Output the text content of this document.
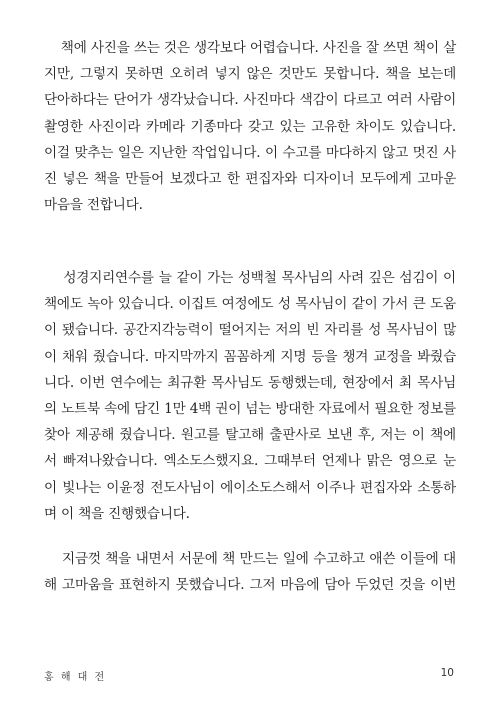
책에 사진을 쓰는 것은 생각보다 어렵습니다. 사진을 잘 쓰면 책이 살
지만, 그렇지 못하면 오히려 넣지 않은 것만도 못합니다. 책을 보는데
단아하다는 단어가 생각났습니다. 사진마다 색감이 다르고 여러 사람이
촬영한 사진이라 카메라 기종마다 갖고 있는 고유한 차이도 있습니다.
이걸 맞추는 일은 지난한 작업입니다. 이 수고를 마다하지 않고 멋진 사
진 넣은 책을 만들어 보겠다고 한 편집자와 디자이너 모두에게 고마운
마음을 전합니다.
성경지리연수를 늘 같이 가는 성백철 목사님의 사려 깊은 섬김이 이
책에도 녹아 있습니다. 이집트 여정에도 성 목사님이 같이 가서 큰 도움
이 됐습니다. 공간지각능력이 떨어지는 저의 빈 자리를 성 목사님이 많
이 채워 줬습니다. 마지막까지 꼼꼼하게 지명 등을 챙겨 교정을 봐줬습
니다. 이번 연수에는 최규환 목사님도 동행했는데, 현장에서 최 목사님
의 노트북 속에 담긴 1만 4백 권이 넘는 방대한 자료에서 필요한 정보를
찾아 제공해 줬습니다. 원고를 탈고해 출판사로 보낸 후, 저는 이 책에
서 빠져나왔습니다. 엑소도스했지요. 그때부터 언제나 맑은 영으로 눈
이 빛나는 이윤정 전도사님이 에이소도스해서 이주나 편집자와 소통하
며 이 책을 진행했습니다.
지금껏 책을 내면서 서문에 책 만드는 일에 수고하고 애쓴 이들에 대
해 고마움을 표현하지 못했습니다. 그저 마음에 담아 두었던 것을 이번
홍 해 대 전	10
